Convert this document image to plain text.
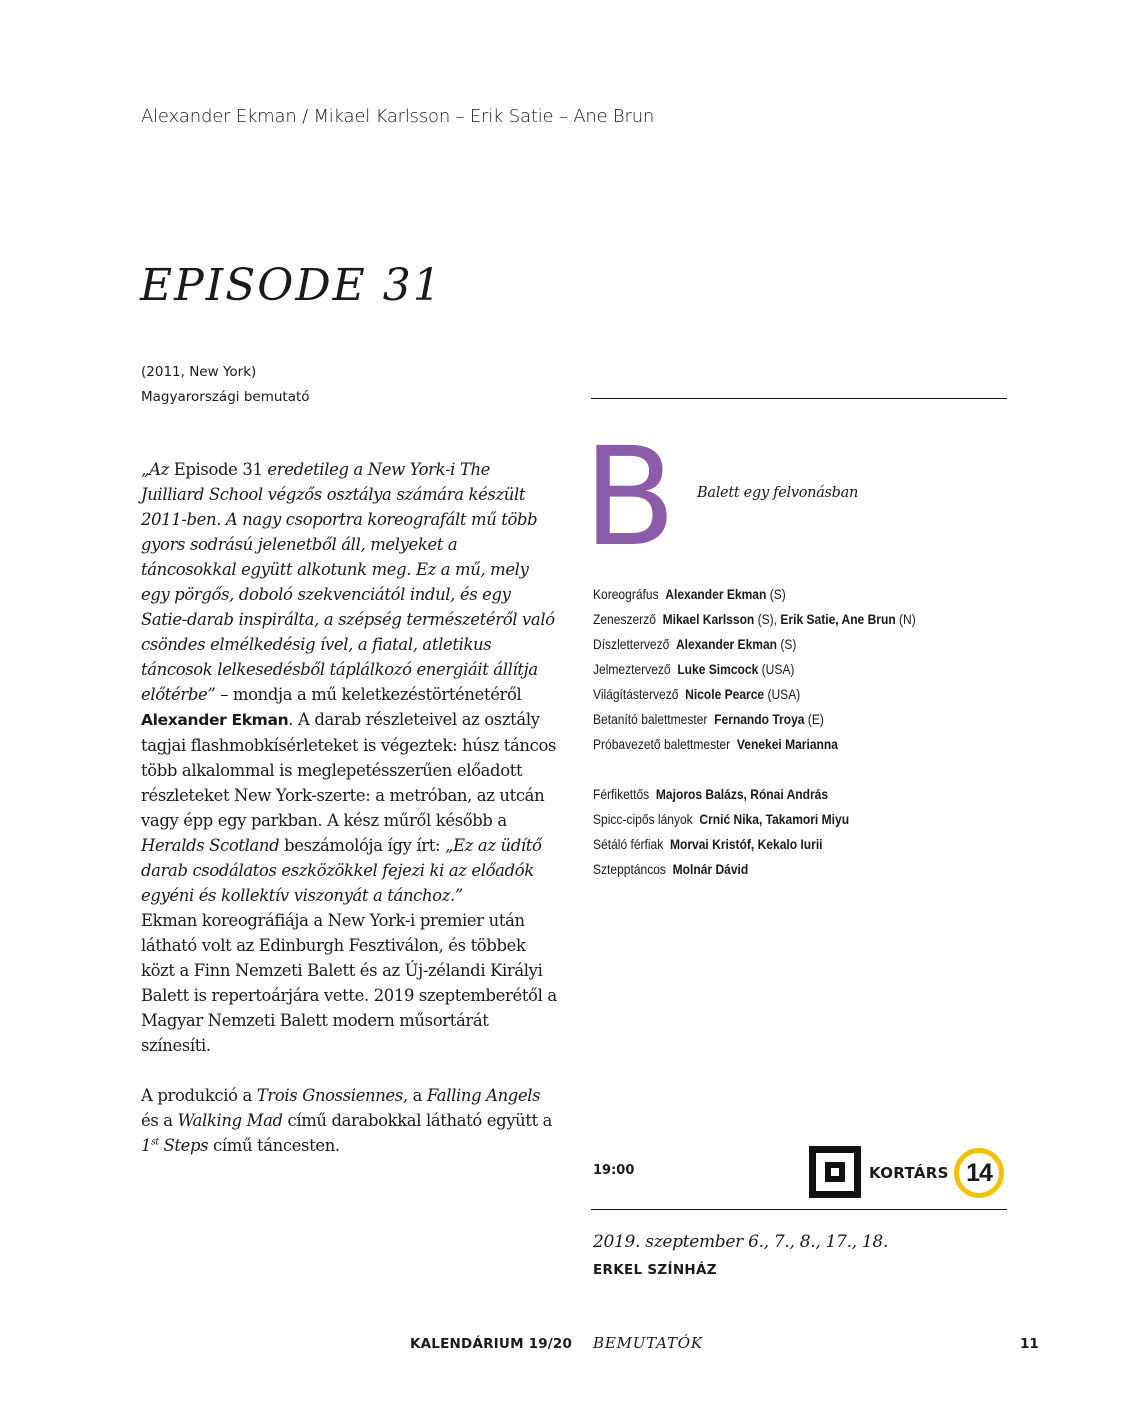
Alexander Ekman / Mikael Karlsson – Erik Satie – Ane Brun
EPISODE 31
(2011, New York)
Magyarországi bemutató

„Az Episode 31 eredetileg a New York-i The Juilliard School végzős osztálya számára készült 2011-ben. A nagy csoportra koreografált mű több gyors sodrású jelenetből áll, melyeket a táncosokkal együtt alkotunk meg. Ez a mű, mely egy pörgős, doboló szekvenciától indul, és egy Satie-darab inspirálta, a szépség természetéről való csöndes elmélkedésig ível, a fiatal, atletikus táncosok lelkesedésből táplálkozó energiáit állítja előtérbe” – mondja a mű keletkezéstörténetéről Alexander Ekman. A darab részleteivel az osztály tagjai flashmobkísérleteket is végeztek: húsz táncos több alkalommal is meglepetésszerűen előadott részleteket New York-szerte: a metróban, az utcán vagy épp egy parkban. A kész műről később a Heralds Scotland beszámolója így írt: „Ez az üdítő darab csodálatos eszközökkel fejezi ki az előadók egyéni és kollektív viszonyát a tánchoz.”

Ekman koreográfiája a New York-i premier után látható volt az Edinburgh Fesztiválon, és többek közt a Finn Nemzeti Balett és az Új-zélandi Királyi Balett is repertoárjára vette. 2019 szeptemberétől a Magyar Nemzeti Balett modern műsortárát színesíti.

A produkció a Trois Gnossiennes, a Falling Angels és a Walking Mad című darabokkal látható együtt a 1st Steps című táncesten.

B Balett egy felvonásban
Koreográfus Alexander Ekman (S)
Zeneszerző Mikael Karlsson (S), Erik Satie, Ane Brun (N)
Díszlettervező Alexander Ekman (S)
Jelmeztervező Luke Simcock (USA)
Világítástervező Nicole Pearce (USA)
Betanító balettmester Fernando Troya (E)
Próbavezető balettmester Venekei Marianna
Férfikettős Majoros Balázs, Rónai András
Spicc-cipős lányok Crnić Nika, Takamori Miyu
Sétáló férfiak Morvai Kristóf, Kekalo Iurii
Sztepptáncos Molnár Dávid
19:00	KORTÁRS 14
2019. szeptember 6., 7., 8., 17., 18.
ERKEL SZÍNHÁZ
KALENDÁRIUM 19/20 BEMUTATÓK	11
